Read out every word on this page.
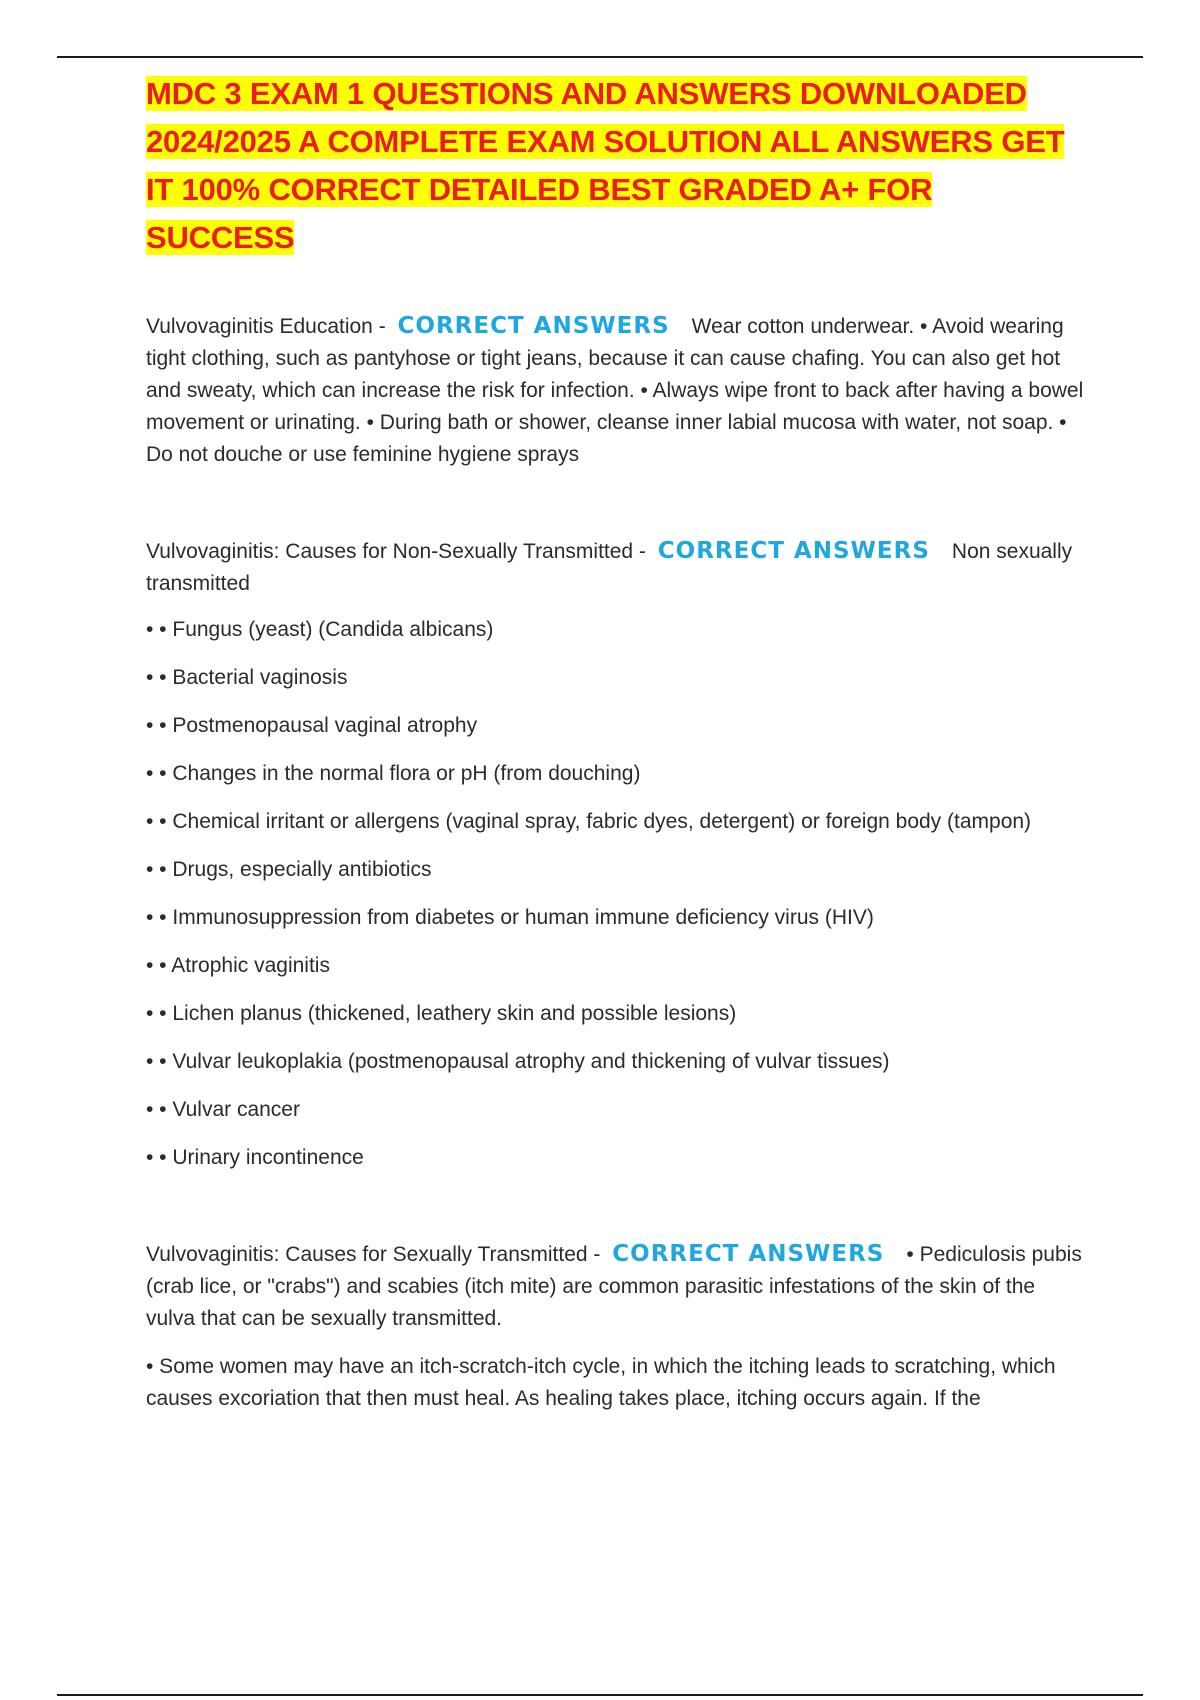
MDC 3 EXAM 1 QUESTIONS AND ANSWERS DOWNLOADED 2024/2025 A COMPLETE EXAM SOLUTION ALL ANSWERS GET IT 100% CORRECT DETAILED BEST GRADED A+ FOR SUCCESS

Vulvovaginitis Education - CORRECT ANSWERS Wear cotton underwear. • Avoid wearing tight clothing, such as pantyhose or tight jeans, because it can cause chafing. You can also get hot and sweaty, which can increase the risk for infection. • Always wipe front to back after having a bowel movement or urinating. • During bath or shower, cleanse inner labial mucosa with water, not soap. • Do not douche or use feminine hygiene sprays

Vulvovaginitis: Causes for Non-Sexually Transmitted - CORRECT ANSWERS Non sexually transmitted

• • Fungus (yeast) (Candida albicans)
• • Bacterial vaginosis
• • Postmenopausal vaginal atrophy
• • Changes in the normal flora or pH (from douching)
• • Chemical irritant or allergens (vaginal spray, fabric dyes, detergent) or foreign body (tampon)
• • Drugs, especially antibiotics
• • Immunosuppression from diabetes or human immune deficiency virus (HIV)
• • Atrophic vaginitis
• • Lichen planus (thickened, leathery skin and possible lesions)
• • Vulvar leukoplakia (postmenopausal atrophy and thickening of vulvar tissues)
• • Vulvar cancer
• • Urinary incontinence

Vulvovaginitis: Causes for Sexually Transmitted - CORRECT ANSWERS • Pediculosis pubis (crab lice, or "crabs") and scabies (itch mite) are common parasitic infestations of the skin of the vulva that can be sexually transmitted.

• Some women may have an itch-scratch-itch cycle, in which the itching leads to scratching, which causes excoriation that then must heal. As healing takes place, itching occurs again. If the
